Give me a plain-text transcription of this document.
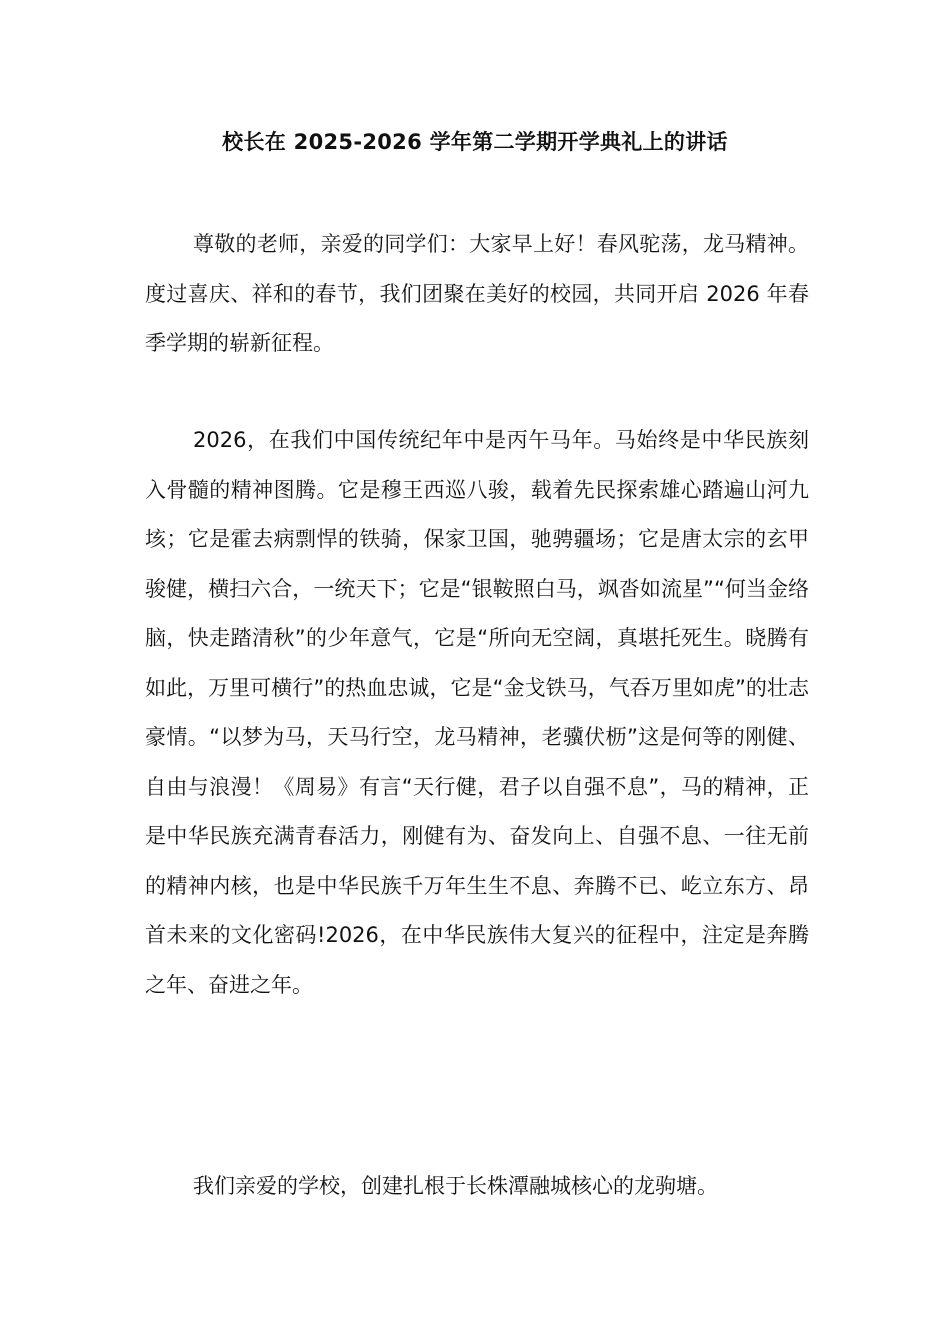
校长在 2025-2026 学年第二学期开学典礼上的讲话

尊敬的老师，亲爱的同学们：大家早上好！春风驼荡，龙马精神。度过喜庆、祥和的春节，我们团聚在美好的校园，共同开启 2026 年春季学期的崭新征程。

2026，在我们中国传统纪年中是丙午马年。马始终是中华民族刻入骨髓的精神图腾。它是穆王西巡八骏，载着先民探索雄心踏遍山河九垓；它是霍去病剽悍的铁骑，保家卫国，驰骋疆场；它是唐太宗的玄甲骏健，横扫六合，一统天下；它是“银鞍照白马，飒沓如流星”“何当金络脑，快走踏清秋”的少年意气，它是“所向无空阔，真堪托死生。晓腾有如此，万里可横行”的热血忠诚，它是“金戈铁马，气吞万里如虎”的壮志豪情。“以梦为马，天马行空，龙马精神，老骥伏枥”这是何等的刚健、自由与浪漫！《周易》有言“天行健，君子以自强不息”，马的精神，正是中华民族充满青春活力，刚健有为、奋发向上、自强不息、一往无前的精神内核，也是中华民族千万年生生不息、奔腾不已、屹立东方、昂首未来的文化密码!2026，在中华民族伟大复兴的征程中，注定是奔腾之年、奋进之年。

我们亲爱的学校，创建扎根于长株潭融城核心的龙驹塘。
